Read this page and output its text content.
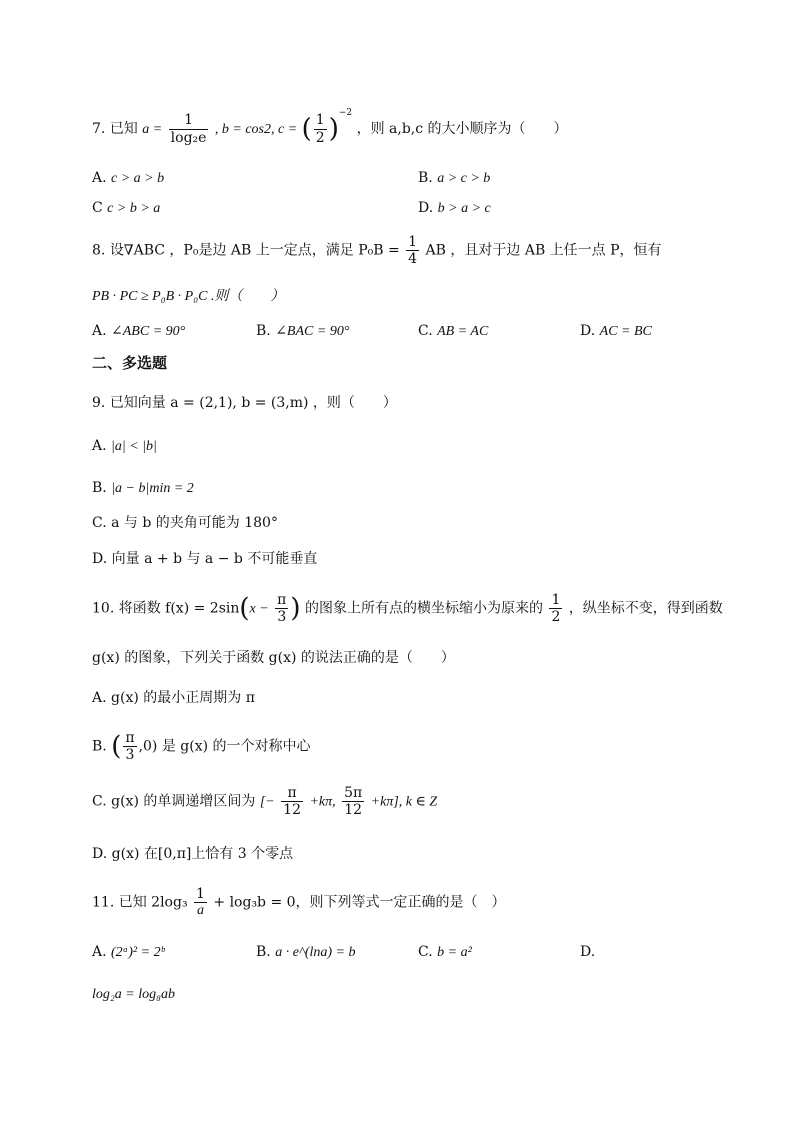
7. 已知 $a = \frac{1}{\text{log₂e}}$ , b = cos2, c = ( $\frac{1}{2} )^{-2}$ ，则 a,b,c 的大小顺序为（　　）
A. c > a > b	B. a > c > b
C c > b > a	D. b > a > c
8. 设∇ABC ，P₀是边 AB 上一定点，满足 $P_0B = \frac{1}{4}$ AB ，且对于边 AB 上任一点 P，恒有
PB · PC ≥ P₀B · P₀C .则（　　）
A. ∠ABC = 90°	B. ∠BAC = 90°	C. AB = AC	D. AC = BC
二、多选题
9. 已知向量 a = (2,1), b = (3,m) ，则（　　）
A. |a| < |b|
B. |a − b|min = 2
C. a 与 b 的夹角可能为 180°
D. 向量 a + b 与 a − b 不可能垂直
10. 将函数 $f(x) = 2\sin(x - \frac{\pi}{3}$ ) 的图象上所有点的横坐标缩小为原来的 $\frac{1}{2}$ ，纵坐标不变，得到函数
g(x) 的图象，下列关于函数 g(x) 的说法正确的是（　　）
A. g(x) 的最小正周期为 π
B. ( $\frac{\pi}{3} ,0$) 是 g(x) 的一个对称中心
C. g(x) 的单调递增区间为 [− $\frac{\pi}{12} +k\pi$, $\frac{5\pi}{12} +k\pi$], k ∈ Z
D. g(x) 在[0,π]上恰有 3 个零点
11. 已知 $2\log_3 \frac{1}{a} + \log_3b = 0$，则下列等式一定正确的是（　）
A. (2ᵃ)² = 2ᵇ	B. a · e^(lna) = b	C. b = a²	D.
log₂a = log₈ab
